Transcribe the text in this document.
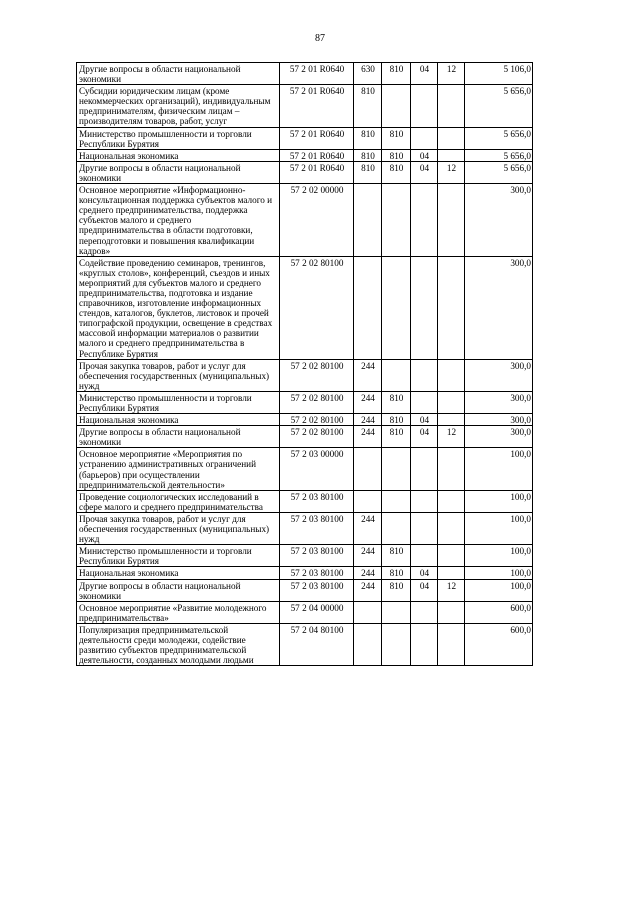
87
Другие вопросы в области национальной экономики	57 2 01 R0640	630	810	04	12	5 106,0
Субсидии юридическим лицам (кроме некоммерческих организаций), индивидуальным предпринимателям, физическим лицам – производителям товаров, работ, услуг	57 2 01 R0640	810				5 656,0
Министерство промышленности и торговли Республики Бурятия	57 2 01 R0640	810	810			5 656,0
Национальная экономика	57 2 01 R0640	810	810	04		5 656,0
Другие вопросы в области национальной экономики	57 2 01 R0640	810	810	04	12	5 656,0
Основное мероприятие «Информационно-консультационная поддержка субъектов малого и среднего предпринимательства, поддержка субъектов малого и среднего предпринимательства в области подготовки, переподготовки и повышения квалификации кадров»	57 2 02 00000					300,0
Содействие проведению семинаров, тренингов, «круглых столов», конференций, съездов и иных мероприятий для субъектов малого и среднего предпринимательства, подготовка и издание справочников, изготовление информационных стендов, каталогов, буклетов, листовок и прочей типографской продукции, освещение в средствах массовой информации материалов о развитии малого и среднего предпринимательства в Республике Бурятия	57 2 02 80100					300,0
Прочая закупка товаров, работ и услуг для обеспечения государственных (муниципальных) нужд	57 2 02 80100	244				300,0
Министерство промышленности и торговли Республики Бурятия	57 2 02 80100	244	810			300,0
Национальная экономика	57 2 02 80100	244	810	04		300,0
Другие вопросы в области национальной экономики	57 2 02 80100	244	810	04	12	300,0
Основное мероприятие «Мероприятия по устранению административных ограничений (барьеров) при осуществлении предпринимательской деятельности»	57 2 03 00000					100,0
Проведение социологических исследований в сфере малого и среднего предпринимательства	57 2 03 80100					100,0
Прочая закупка товаров, работ и услуг для обеспечения государственных (муниципальных) нужд	57 2 03 80100	244				100,0
Министерство промышленности и торговли Республики Бурятия	57 2 03 80100	244	810			100,0
Национальная экономика	57 2 03 80100	244	810	04		100,0
Другие вопросы в области национальной экономики	57 2 03 80100	244	810	04	12	100,0
Основное мероприятие «Развитие молодежного предпринимательства»	57 2 04 00000					600,0
Популяризация предпринимательской деятельности среди молодежи, содействие развитию субъектов предпринимательской деятельности, созданных молодыми людьми	57 2 04 80100					600,0
